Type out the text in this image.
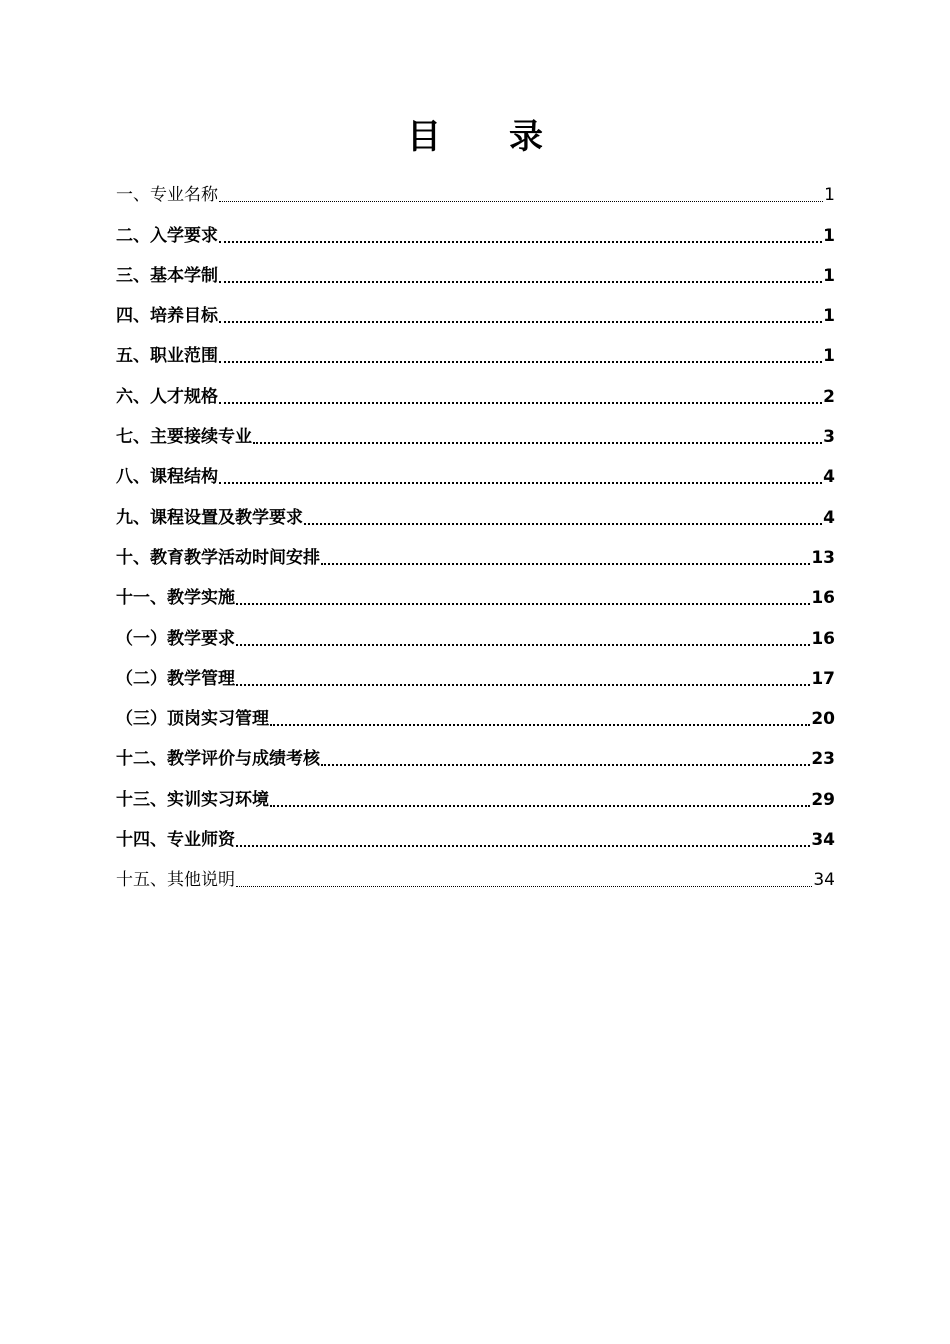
目 录
一、专业名称	1
二、入学要求	1
三、基本学制	1
四、培养目标	1
五、职业范围	1
六、人才规格	2
七、主要接续专业	3
八、课程结构	4
九、课程设置及教学要求	4
十、教育教学活动时间安排	13
十一、教学实施	16
（一）教学要求	16
（二）教学管理	17
（三）顶岗实习管理	20
十二、教学评价与成绩考核	23
十三、实训实习环境	29
十四、专业师资	34
十五、其他说明	34
